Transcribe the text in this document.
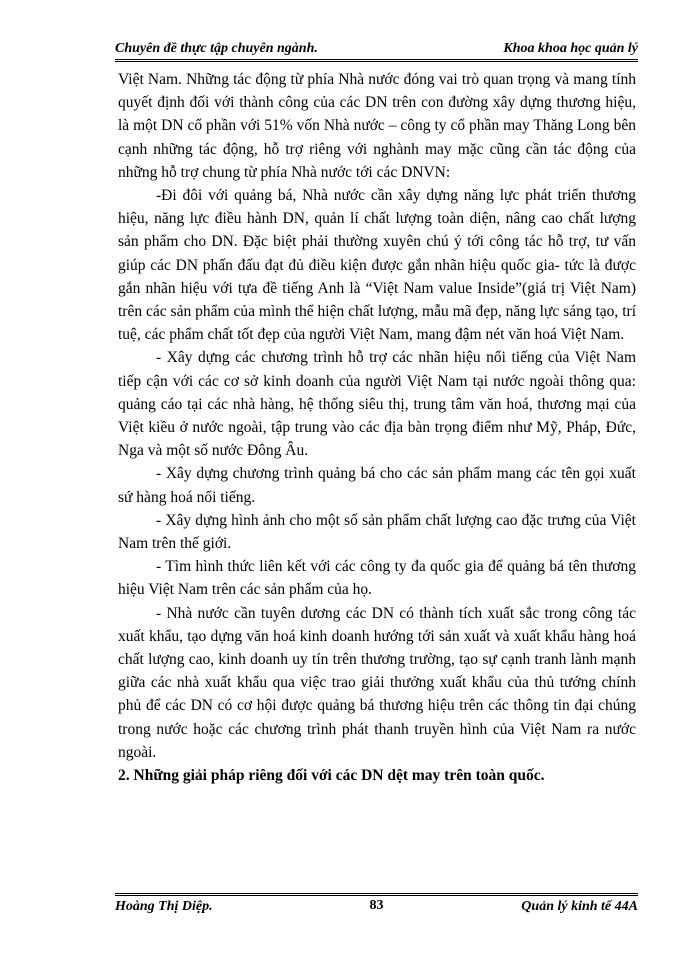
Chuyên đề thực tập chuyên ngành.	Khoa khoa học quản lý

Việt Nam. Những tác động từ phía Nhà nước đóng vai trò quan trọng và mang tính quyết định đối với thành công của các DN trên con đường xây dựng thương hiệu, là một DN cổ phần với 51% vốn Nhà nước – công ty cổ phần may Thăng Long bên cạnh những tác động, hỗ trợ riêng với nghành may mặc cũng cần tác động của những hỗ trợ chung từ phía Nhà nước tới các DNVN:

-Đi đôi với quảng bá, Nhà nước cần xây dựng năng lực phát triển thương hiệu, năng lực điều hành DN, quản lí chất lượng toàn diện, nâng cao chất lượng sản phẩm cho DN. Đặc biệt phải thường xuyên chú ý tới công tác hỗ trợ, tư vấn giúp các DN phấn đấu đạt đủ điều kiện được gắn nhãn hiệu quốc gia- tức là được gắn nhãn hiệu với tựa đề tiếng Anh là “Việt Nam value Inside”(giá trị Việt Nam) trên các sản phẩm của mình thể hiện chất lượng, mẫu mã đẹp, năng lực sáng tạo, trí tuệ, các phẩm chất tốt đẹp của người Việt Nam, mang đậm nét văn hoá Việt Nam.

- Xây dựng các chương trình hỗ trợ các nhãn hiệu nổi tiếng của Việt Nam tiếp cận với các cơ sở kinh doanh của người Việt Nam tại nước ngoài thông qua: quảng cáo tại các nhà hàng, hệ thống siêu thị, trung tâm văn hoá, thương mại của Việt kiều ở nước ngoài, tập trung vào các địa bàn trọng điểm như Mỹ, Pháp, Đức, Nga và một số nước Đông Âu.

- Xây dựng chương trình quảng bá cho các sản phẩm mang các tên gọi xuất sứ hàng hoá nổi tiếng.

- Xây dựng hình ảnh cho một số sản phẩm chất lượng cao đặc trưng của Việt Nam trên thế giới.

- Tìm hình thức liên kết với các công ty đa quốc gia để quảng bá tên thương hiệu Việt Nam trên các sản phẩm của họ.

- Nhà nước cần tuyên dương các DN có thành tích xuất sắc trong công tác xuất khẩu, tạo dựng văn hoá kinh doanh hướng tới sản xuất và xuất khẩu hàng hoá chất lượng cao, kinh doanh uy tín trên thương trường, tạo sự cạnh tranh lành mạnh giữa các nhà xuất khẩu qua việc trao giải thưởng xuất khẩu của thủ tướng chính phủ để các DN có cơ hội được quảng bá thương hiệu trên các thông tin đại chúng trong nước hoặc các chương trình phát thanh truyền hình của Việt Nam ra nước ngoài.

2. Những giải pháp riêng đối với các DN dệt may trên toàn quốc.

Hoàng Thị Diệp.	83	Quản lý kinh tế 44A
